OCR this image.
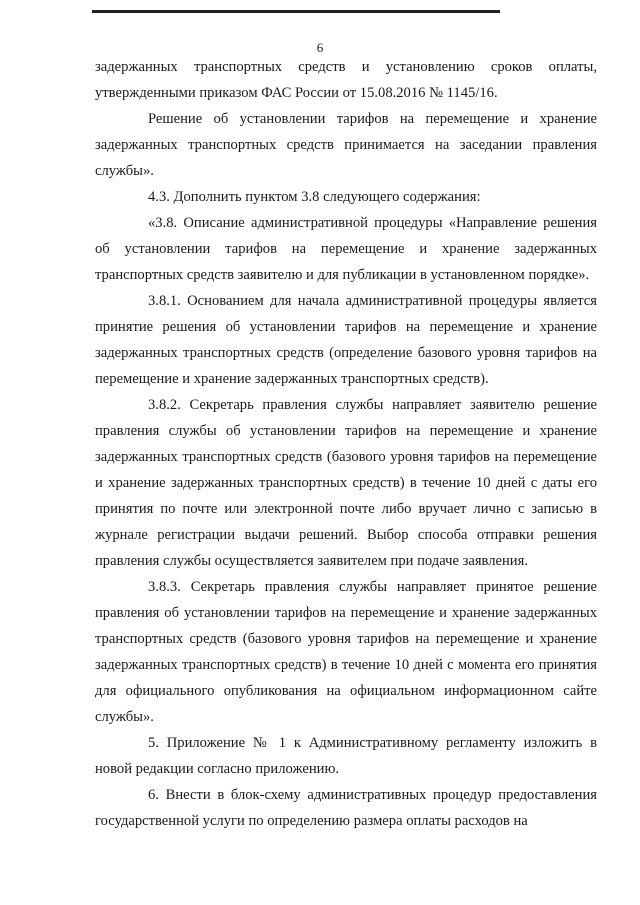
6

задержанных транспортных средств и установлению сроков оплаты, утвержденными приказом ФАС России от 15.08.2016 № 1145/16.

Решение об установлении тарифов на перемещение и хранение задержанных транспортных средств принимается на заседании правления службы».

4.3. Дополнить пунктом 3.8 следующего содержания:

«3.8. Описание административной процедуры «Направление решения об установлении тарифов на перемещение и хранение задержанных транспортных средств заявителю и для публикации в установленном порядке».

3.8.1. Основанием для начала административной процедуры является принятие решения об установлении тарифов на перемещение и хранение задержанных транспортных средств (определение базового уровня тарифов на перемещение и хранение задержанных транспортных средств).

3.8.2. Секретарь правления службы направляет заявителю решение правления службы об установлении тарифов на перемещение и хранение задержанных транспортных средств (базового уровня тарифов на перемещение и хранение задержанных транспортных средств) в течение 10 дней с даты его принятия по почте или электронной почте либо вручает лично с записью в журнале регистрации выдачи решений. Выбор способа отправки решения правления службы осуществляется заявителем при подаче заявления.

3.8.3. Секретарь правления службы направляет принятое решение правления об установлении тарифов на перемещение и хранение задержанных транспортных средств (базового уровня тарифов на перемещение и хранение задержанных транспортных средств) в течение 10 дней с момента его принятия для официального опубликования на официальном информационном сайте службы».

5. Приложение № 1 к Административному регламенту изложить в новой редакции согласно приложению.

6. Внести в блок-схему административных процедур предоставления государственной услуги по определению размера оплаты расходов на
